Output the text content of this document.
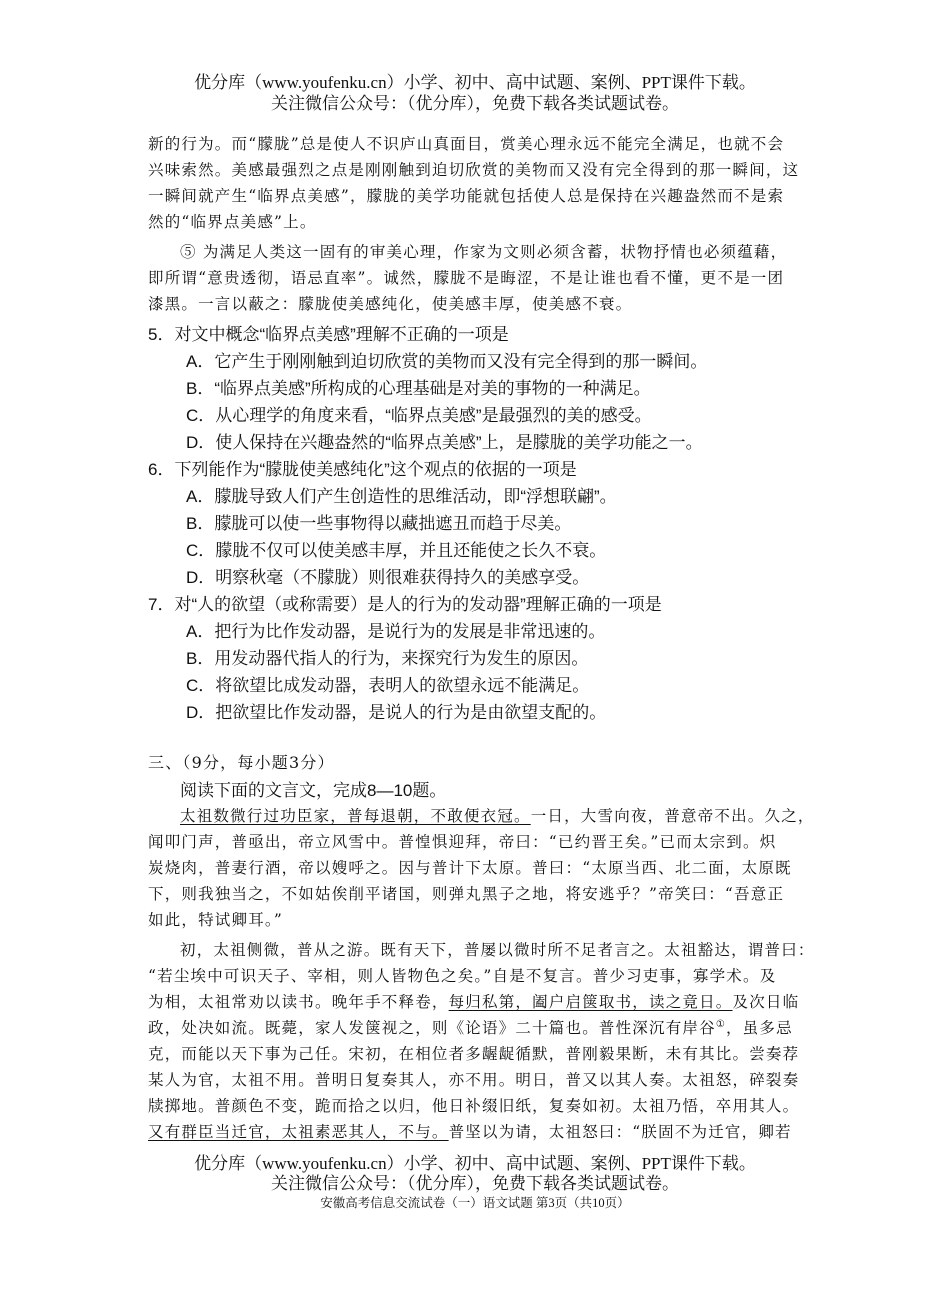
优分库（www.youfenku.cn）小学、初中、高中试题、案例、PPT课件下载。
关注微信公众号：（优分库），免费下载各类试题试卷。
新的行为。而“朦胧”总是使人不识庐山真面目，赏美心理永远不能完全满足，也就不会
兴味索然。美感最强烈之点是刚刚触到迫切欣赏的美物而又没有完全得到的那一瞬间，这
一瞬间就产生“临界点美感”，朦胧的美学功能就包括使人总是保持在兴趣盎然而不是索
然的“临界点美感”上。
⑤ 为满足人类这一固有的审美心理，作家为文则必须含蓄，状物抒情也必须蕴藉，
即所谓“意贵透彻，语忌直率”。诚然，朦胧不是晦涩，不是让谁也看不懂，更不是一团
漆黑。一言以蔽之：朦胧使美感纯化，使美感丰厚，使美感不衰。
5．对文中概念“临界点美感”理解不正确的一项是
A．它产生于刚刚触到迫切欣赏的美物而又没有完全得到的那一瞬间。
B．“临界点美感”所构成的心理基础是对美的事物的一种满足。
C．从心理学的角度来看，“临界点美感”是最强烈的美的感受。
D．使人保持在兴趣盎然的“临界点美感”上，是朦胧的美学功能之一。
6．下列能作为“朦胧使美感纯化”这个观点的依据的一项是
A．朦胧导致人们产生创造性的思维活动，即“浮想联翩”。
B．朦胧可以使一些事物得以藏拙遮丑而趋于尽美。
C．朦胧不仅可以使美感丰厚，并且还能使之长久不衰。
D．明察秋毫（不朦胧）则很难获得持久的美感享受。
7．对“人的欲望（或称需要）是人的行为的发动器”理解正确的一项是
A．把行为比作发动器，是说行为的发展是非常迅速的。
B．用发动器代指人的行为，来探究行为发生的原因。
C．将欲望比成发动器，表明人的欲望永远不能满足。
D．把欲望比作发动器，是说人的行为是由欲望支配的。
三、（9分，每小题3分）
阅读下面的文言文，完成8—10题。
太祖数微行过功臣家，普每退朝，不敢便衣冠。一日，大雪向夜，普意帝不出。久之，
闻叩门声，普亟出，帝立风雪中。普惶惧迎拜，帝曰：“已约晋王矣。”已而太宗到。炽
炭烧肉，普妻行酒，帝以嫂呼之。因与普计下太原。普曰：“太原当西、北二面，太原既
下，则我独当之，不如姑俟削平诸国，则弹丸黑子之地，将安逃乎？”帝笑曰：“吾意正
如此，特试卿耳。”
初，太祖侧微，普从之游。既有天下，普屡以微时所不足者言之。太祖豁达，谓普曰：
“若尘埃中可识天子、宰相，则人皆物色之矣。”自是不复言。普少习吏事，寡学术。及
为相，太祖常劝以读书。晚年手不释卷，每归私第，阖户启箧取书，读之竟日。及次日临
政，处决如流。既薨，家人发箧视之，则《论语》二十篇也。普性深沉有岸谷①，虽多忌
克，而能以天下事为己任。宋初，在相位者多龌龊循默，普刚毅果断，未有其比。尝奏荐
某人为官，太祖不用。普明日复奏其人，亦不用。明日，普又以其人奏。太祖怒，碎裂奏
牍掷地。普颜色不变，跪而拾之以归，他日补缀旧纸，复奏如初。太祖乃悟，卒用其人。
又有群臣当迁官，太祖素恶其人，不与。普坚以为请，太祖怒曰：“朕固不为迁官，卿若
优分库（www.youfenku.cn）小学、初中、高中试题、案例、PPT课件下载。
关注微信公众号：（优分库），免费下载各类试题试卷。
安徽高考信息交流试卷（一）语文试题 第3页（共10页）
